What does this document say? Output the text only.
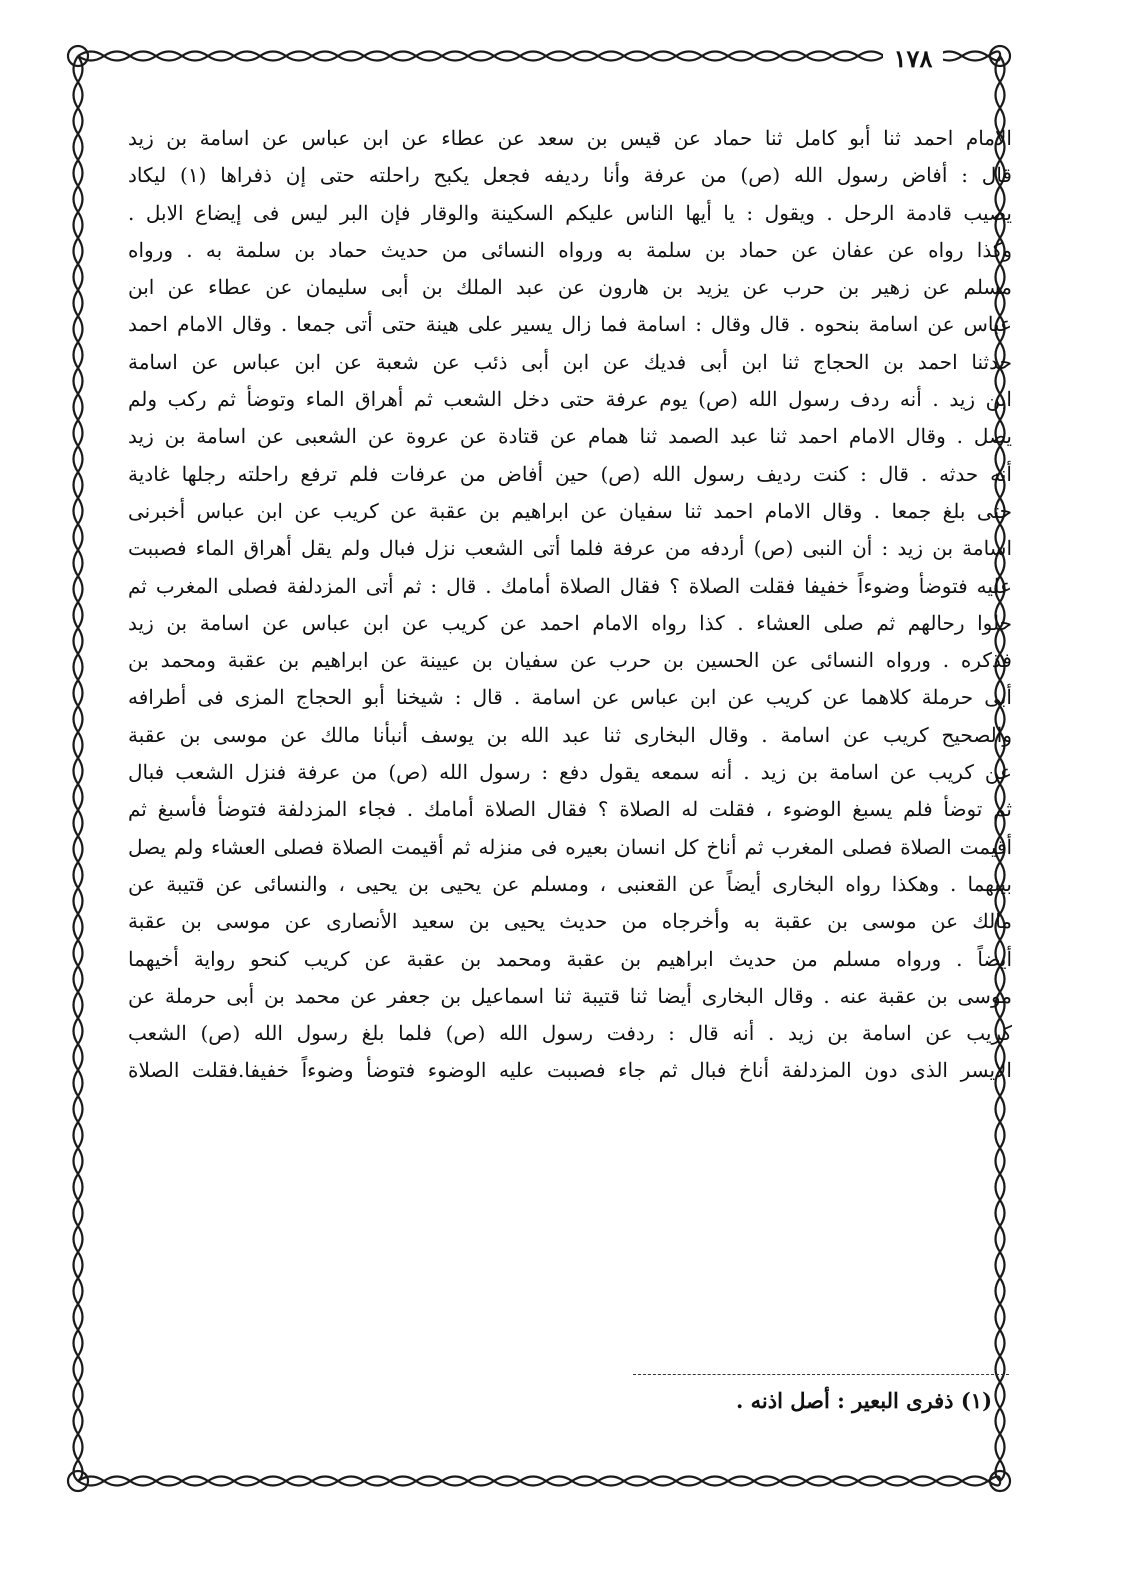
١٧٨
الامام احمد ثنا أبو كامل ثنا حماد عن قيس بن سعد عن عطاء عن ابن عباس عن اسامة بن زيد
قال : أفاض رسول الله (ص) من عرفة وأنا رديفه فجعل يكبح راحلته حتى إن ذفراها (١) ليكاد
يصيب قادمة الرحل . ويقول : يا أيها الناس عليكم السكينة والوقار فإن البر ليس فى إيضاع الابل .
وكذا رواه عن عفان عن حماد بن سلمة به ورواه النسائى من حديث حماد بن سلمة به . ورواه
مسلم عن زهير بن حرب عن يزيد بن هارون عن عبد الملك بن أبى سليمان عن عطاء عن ابن
عباس عن اسامة بنحوه . قال وقال : اسامة فما زال يسير على هينة حتى أتى جمعا . وقال الامام احمد
حدثنا احمد بن الحجاج ثنا ابن أبى فديك عن ابن أبى ذئب عن شعبة عن ابن عباس عن اسامة
ابن زيد . أنه ردف رسول الله (ص) يوم عرفة حتى دخل الشعب ثم أهراق الماء وتوضأ ثم ركب ولم
يصل . وقال الامام احمد ثنا عبد الصمد ثنا همام عن قتادة عن عروة عن الشعبى عن اسامة بن زيد
أنه حدثه . قال : كنت رديف رسول الله (ص) حين أفاض من عرفات فلم ترفع راحلته رجلها غادية
حتى بلغ جمعا . وقال الامام احمد ثنا سفيان عن ابراهيم بن عقبة عن كريب عن ابن عباس أخبرنى
اسامة بن زيد : أن النبى (ص) أردفه من عرفة فلما أتى الشعب نزل فبال ولم يقل أهراق الماء فصببت
عليه فتوضأ وضوءاً خفيفا فقلت الصلاة ؟ فقال الصلاة أمامك . قال : ثم أتى المزدلفة فصلى المغرب ثم
حلوا رحالهم ثم صلى العشاء . كذا رواه الامام احمد عن كريب عن ابن عباس عن اسامة بن زيد
فذكره . ورواه النسائى عن الحسين بن حرب عن سفيان بن عيينة عن ابراهيم بن عقبة ومحمد بن
أبى حرملة كلاهما عن كريب عن ابن عباس عن اسامة . قال : شيخنا أبو الحجاج المزى فى أطرافه
والصحيح كريب عن اسامة . وقال البخارى ثنا عبد الله بن يوسف أنبأنا مالك عن موسى بن عقبة
عن كريب عن اسامة بن زيد . أنه سمعه يقول دفع : رسول الله (ص) من عرفة فنزل الشعب فبال
ثم توضأ فلم يسبغ الوضوء ، فقلت له الصلاة ؟ فقال الصلاة أمامك . فجاء المزدلفة فتوضأ فأسبغ ثم
أقيمت الصلاة فصلى المغرب ثم أناخ كل انسان بعيره فى منزله ثم أقيمت الصلاة فصلى العشاء ولم يصل
بينهما . وهكذا رواه البخارى أيضاً عن القعنبى ، ومسلم عن يحيى بن يحيى ، والنسائى عن قتيبة عن
مالك عن موسى بن عقبة به وأخرجاه من حديث يحيى بن سعيد الأنصارى عن موسى بن عقبة
أيضاً . ورواه مسلم من حديث ابراهيم بن عقبة ومحمد بن عقبة عن كريب كنحو رواية أخيهما
موسى بن عقبة عنه . وقال البخارى أيضا ثنا قتيبة ثنا اسماعيل بن جعفر عن محمد بن أبى حرملة عن
كريب عن اسامة بن زيد . أنه قال : ردفت رسول الله (ص) فلما بلغ رسول الله (ص) الشعب
الايسر الذى دون المزدلفة أناخ فبال ثم جاء فصببت عليه الوضوء فتوضأ وضوءاً خفيفا.فقلت الصلاة
(١) ذفرى البعير : أصل اذنه .
